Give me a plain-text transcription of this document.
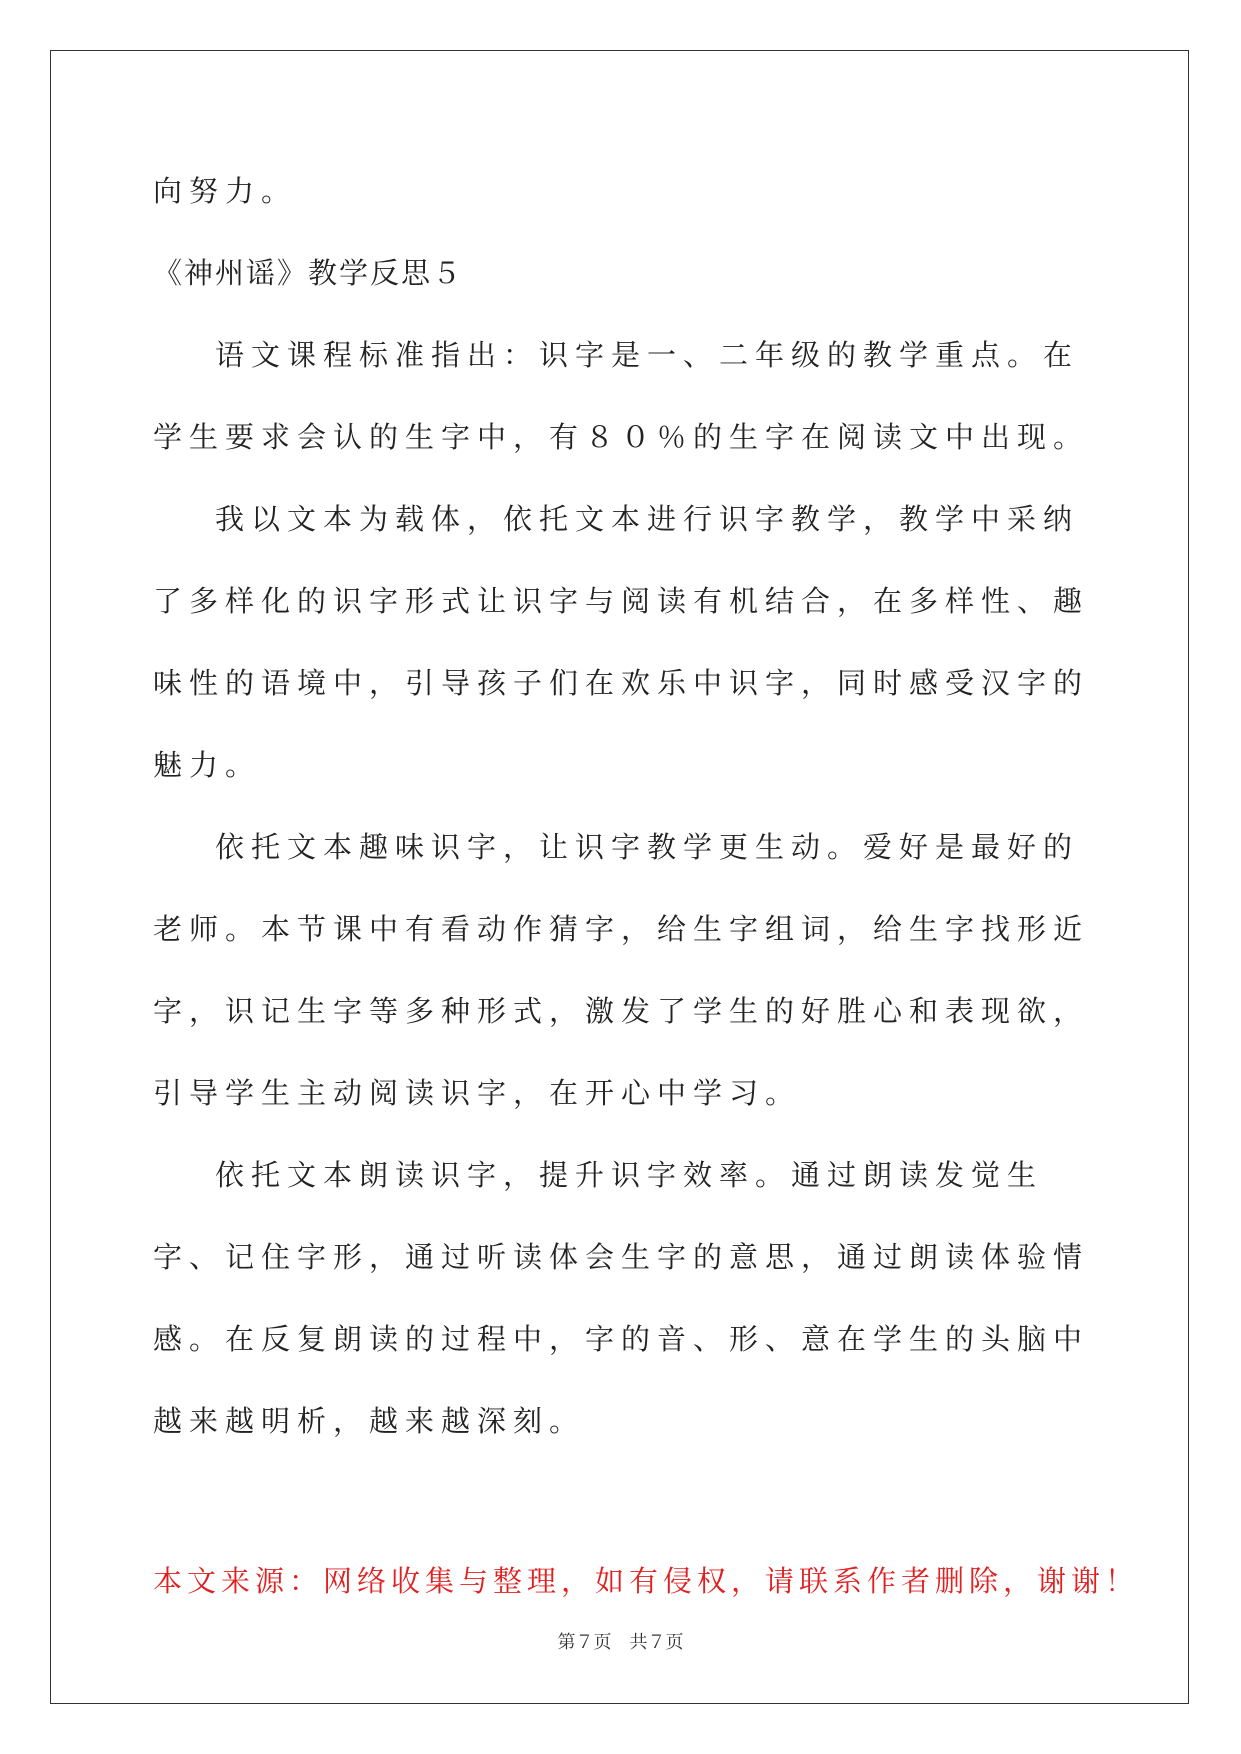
向努力。

《神州谣》教学反思５

语文课程标准指出：识字是一、二年级的教学重点。在学生要求会认的生字中，有８０％的生字在阅读文中出现。

我以文本为载体，依托文本进行识字教学，教学中采纳了多样化的识字形式让识字与阅读有机结合，在多样性、趣味性的语境中，引导孩子们在欢乐中识字，同时感受汉字的魅力。

依托文本趣味识字，让识字教学更生动。爱好是最好的老师。本节课中有看动作猜字，给生字组词，给生字找形近字，识记生字等多种形式，激发了学生的好胜心和表现欲，引导学生主动阅读识字，在开心中学习。

依托文本朗读识字，提升识字效率。通过朗读发觉生字、记住字形，通过听读体会生字的意思，通过朗读体验情感。在反复朗读的过程中，字的音、形、意在学生的头脑中越来越明析，越来越深刻。

本文来源：网络收集与整理，如有侵权，请联系作者删除，谢谢！

第７页　共７页
